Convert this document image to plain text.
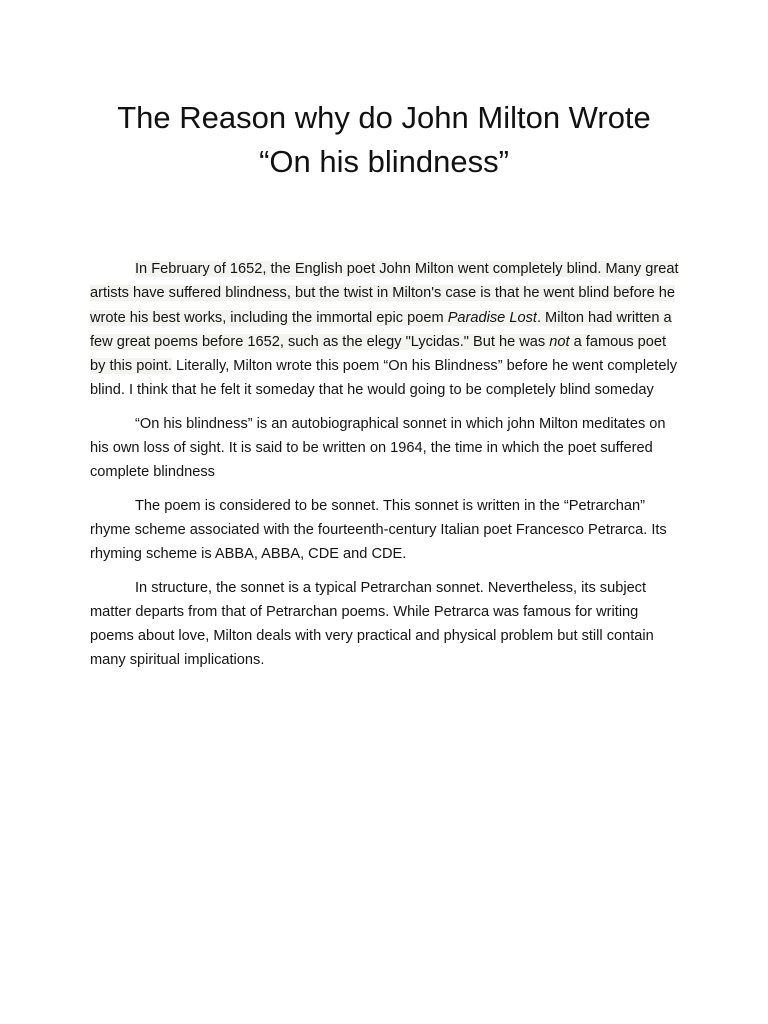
The Reason why do John Milton Wrote
“On his blindness”

In February of 1652, the English poet John Milton went completely blind. Many great artists have suffered blindness, but the twist in Milton's case is that he went blind before he wrote his best works, including the immortal epic poem Paradise Lost. Milton had written a few great poems before 1652, such as the elegy "Lycidas." But he was not a famous poet by this point. Literally, Milton wrote this poem “On his Blindness” before he went completely blind. I think that he felt it someday that he would going to be completely blind someday

“On his blindness” is an autobiographical sonnet in which john Milton meditates on his own loss of sight. It is said to be written on 1964, the time in which the poet suffered complete blindness

The poem is considered to be sonnet. This sonnet is written in the “Petrarchan” rhyme scheme associated with the fourteenth-century Italian poet Francesco Petrarca. Its rhyming scheme is ABBA, ABBA, CDE and CDE.

In structure, the sonnet is a typical Petrarchan sonnet. Nevertheless, its subject matter departs from that of Petrarchan poems. While Petrarca was famous for writing poems about love, Milton deals with very practical and physical problem but still contain many spiritual implications.
